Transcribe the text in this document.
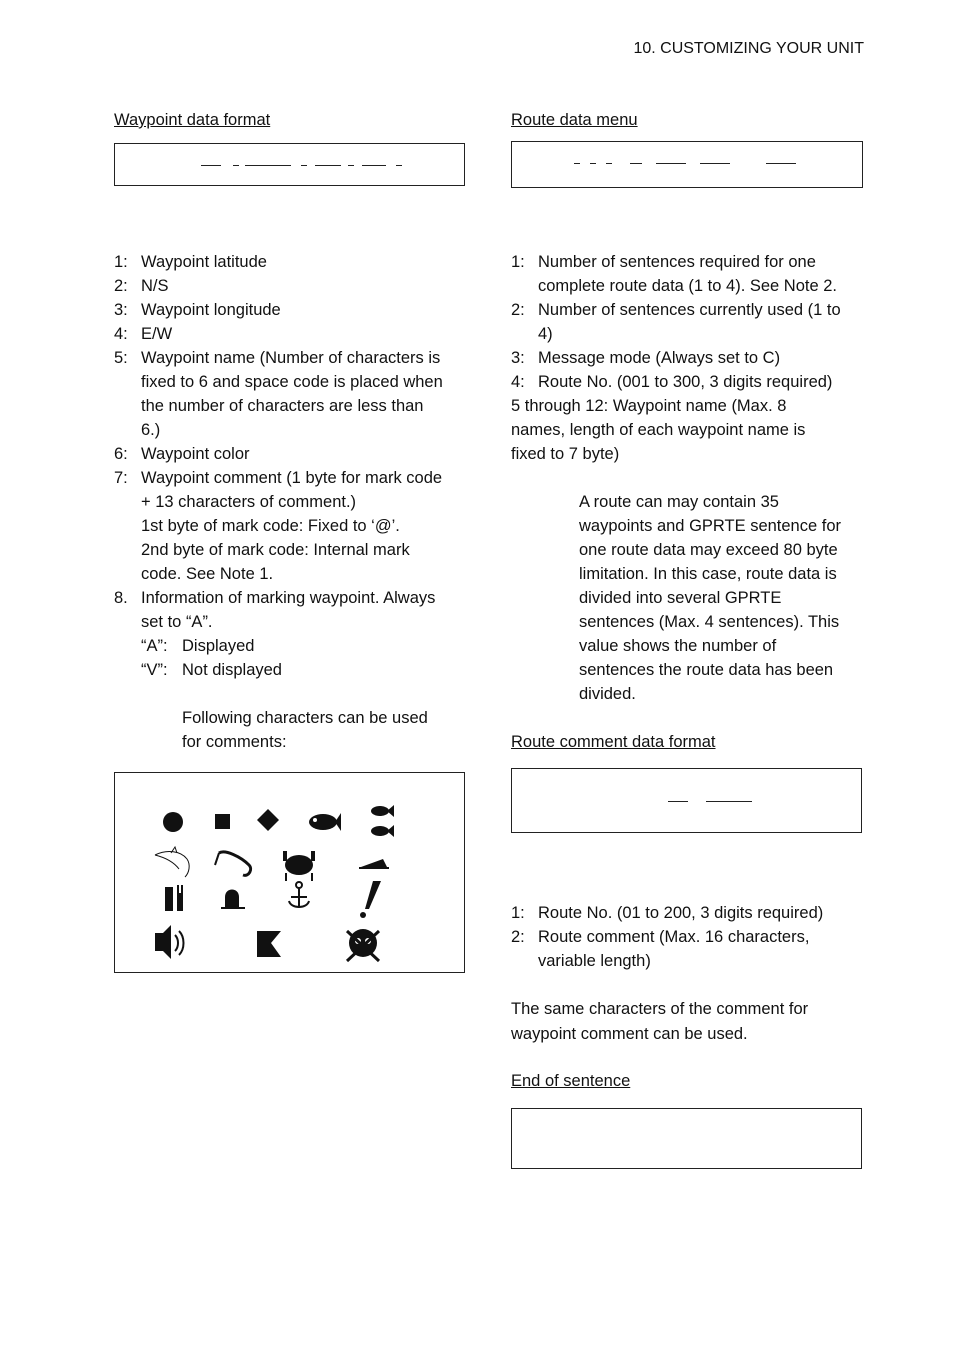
10. CUSTOMIZING YOUR UNIT
Waypoint data format
1: Waypoint latitude
2: N/S
3: Waypoint longitude
4: E/W
5: Waypoint name (Number of characters is
fixed to 6 and space code is placed when
the number of characters are less than
6.)
6: Waypoint color
7: Waypoint comment (1 byte for mark code
+ 13 characters of comment.)
1st byte of mark code: Fixed to ‘@’.
2nd byte of mark code: Internal mark
code. See Note 1.
8. Information of marking waypoint. Always
set to “A”.
“A”: Displayed
“V”: Not displayed
Following characters can be used
for comments:
Route data menu
1: Number of sentences required for one
complete route data (1 to 4). See Note 2.
2: Number of sentences currently used (1 to
4)
3: Message mode (Always set to C)
4: Route No. (001 to 300, 3 digits required)
5 through 12: Waypoint name (Max. 8
names, length of each waypoint name is
fixed to 7 byte)
A route can may contain 35
waypoints and GPRTE sentence for
one route data may exceed 80 byte
limitation. In this case, route data is
divided into several GPRTE
sentences (Max. 4 sentences). This
value shows the number of
sentences the route data has been
divided.
Route comment data format
1: Route No. (01 to 200, 3 digits required)
2: Route comment (Max. 16 characters,
variable length)
The same characters of the comment for
waypoint comment can be used.
End of sentence
